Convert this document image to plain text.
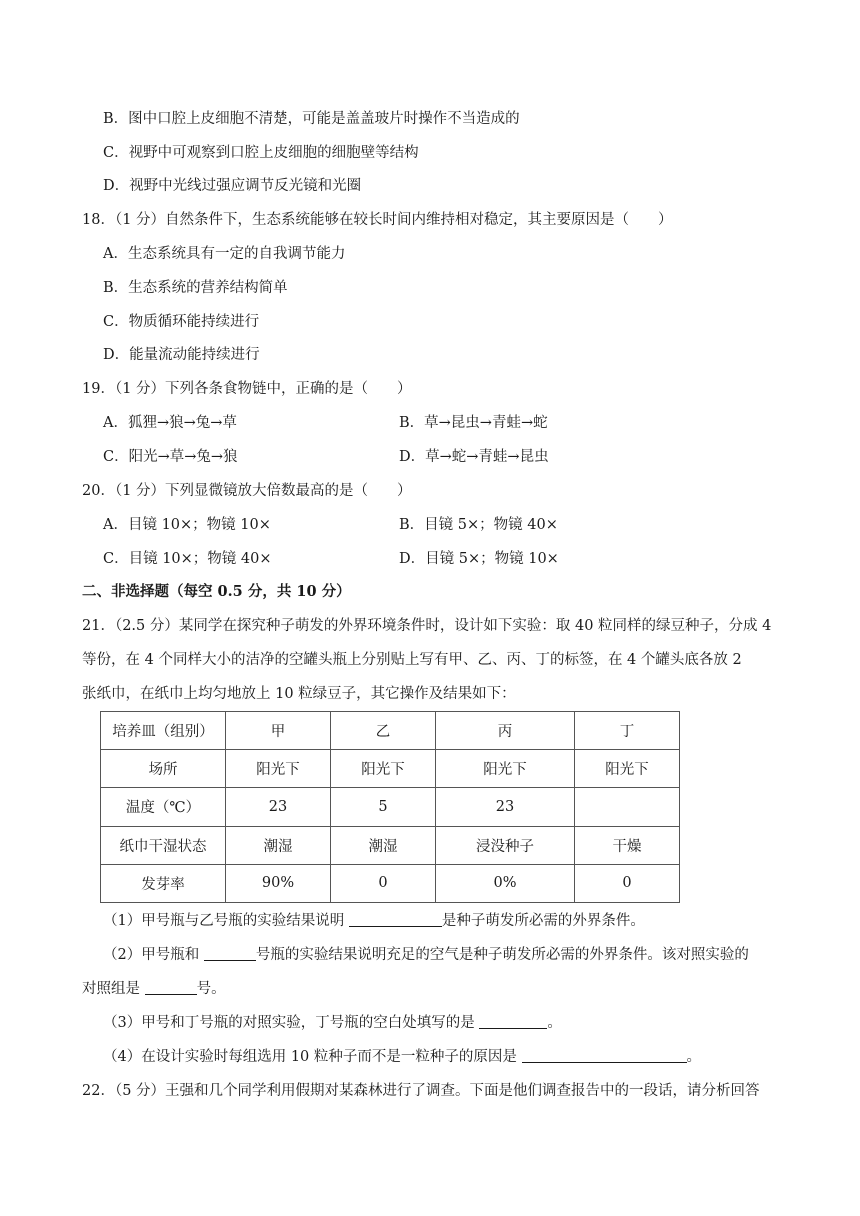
B．图中口腔上皮细胞不清楚，可能是盖盖玻片时操作不当造成的
C．视野中可观察到口腔上皮细胞的细胞壁等结构
D．视野中光线过强应调节反光镜和光圈
18．（1 分）自然条件下，生态系统能够在较长时间内维持相对稳定，其主要原因是（　　）
A．生态系统具有一定的自我调节能力
B．生态系统的营养结构简单
C．物质循环能持续进行
D．能量流动能持续进行
19．（1 分）下列各条食物链中，正确的是（　　）
A．狐狸→狼→兔→草	B．草→昆虫→青蛙→蛇
C．阳光→草→兔→狼	D．草→蛇→青蛙→昆虫
20．（1 分）下列显微镜放大倍数最高的是（　　）
A．目镜 10×；物镜 10×	B．目镜 5×；物镜 40×
C．目镜 10×；物镜 40×	D．目镜 5×；物镜 10×
二、非选择题（每空 0.5 分，共 10 分）
21．（2.5 分）某同学在探究种子萌发的外界环境条件时，设计如下实验：取 40 粒同样的绿豆种子，分成 4
等份，在 4 个同样大小的洁净的空罐头瓶上分别贴上写有甲、乙、丙、丁的标签，在 4 个罐头底各放 2
张纸巾，在纸巾上均匀地放上 10 粒绿豆子，其它操作及结果如下：
培养皿（组别）	甲	乙	丙	丁
场所	阳光下	阳光下	阳光下	阳光下
温度（℃）	23	5	23	
纸巾干湿状态	潮湿	潮湿	浸没种子	干燥
发芽率	90%	0	0%	0
（1）甲号瓶与乙号瓶的实验结果说明	是种子萌发所必需的外界条件。
（2）甲号瓶和	号瓶的实验结果说明充足的空气是种子萌发所必需的外界条件。该对照实验的
对照组是	号。
（3）甲号和丁号瓶的对照实验，丁号瓶的空白处填写的是	。
（4）在设计实验时每组选用 10 粒种子而不是一粒种子的原因是	。
22．（5 分）王强和几个同学利用假期对某森林进行了调查。下面是他们调查报告中的一段话，请分析回答
